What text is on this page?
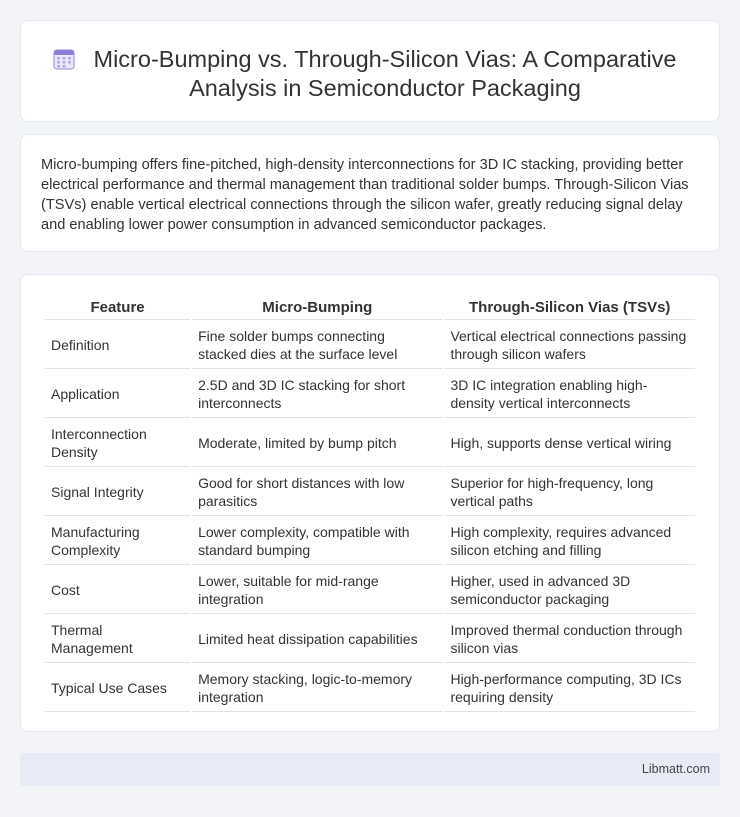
Micro-Bumping vs. Through-Silicon Vias: A Comparative Analysis in Semiconductor Packaging

Micro-bumping offers fine-pitched, high-density interconnections for 3D IC stacking, providing better electrical performance and thermal management than traditional solder bumps. Through-Silicon Vias (TSVs) enable vertical electrical connections through the silicon wafer, greatly reducing signal delay and enabling lower power consumption in advanced semiconductor packages.

Feature	Micro-Bumping	Through-Silicon Vias (TSVs)
Definition	Fine solder bumps connecting stacked dies at the surface level	Vertical electrical connections passing through silicon wafers
Application	2.5D and 3D IC stacking for short interconnects	3D IC integration enabling high-density vertical interconnects
Interconnection Density	Moderate, limited by bump pitch	High, supports dense vertical wiring
Signal Integrity	Good for short distances with low parasitics	Superior for high-frequency, long vertical paths
Manufacturing Complexity	Lower complexity, compatible with standard bumping	High complexity, requires advanced silicon etching and filling
Cost	Lower, suitable for mid-range integration	Higher, used in advanced 3D semiconductor packaging
Thermal Management	Limited heat dissipation capabilities	Improved thermal conduction through silicon vias
Typical Use Cases	Memory stacking, logic-to-memory integration	High-performance computing, 3D ICs requiring density
Libmatt.com
